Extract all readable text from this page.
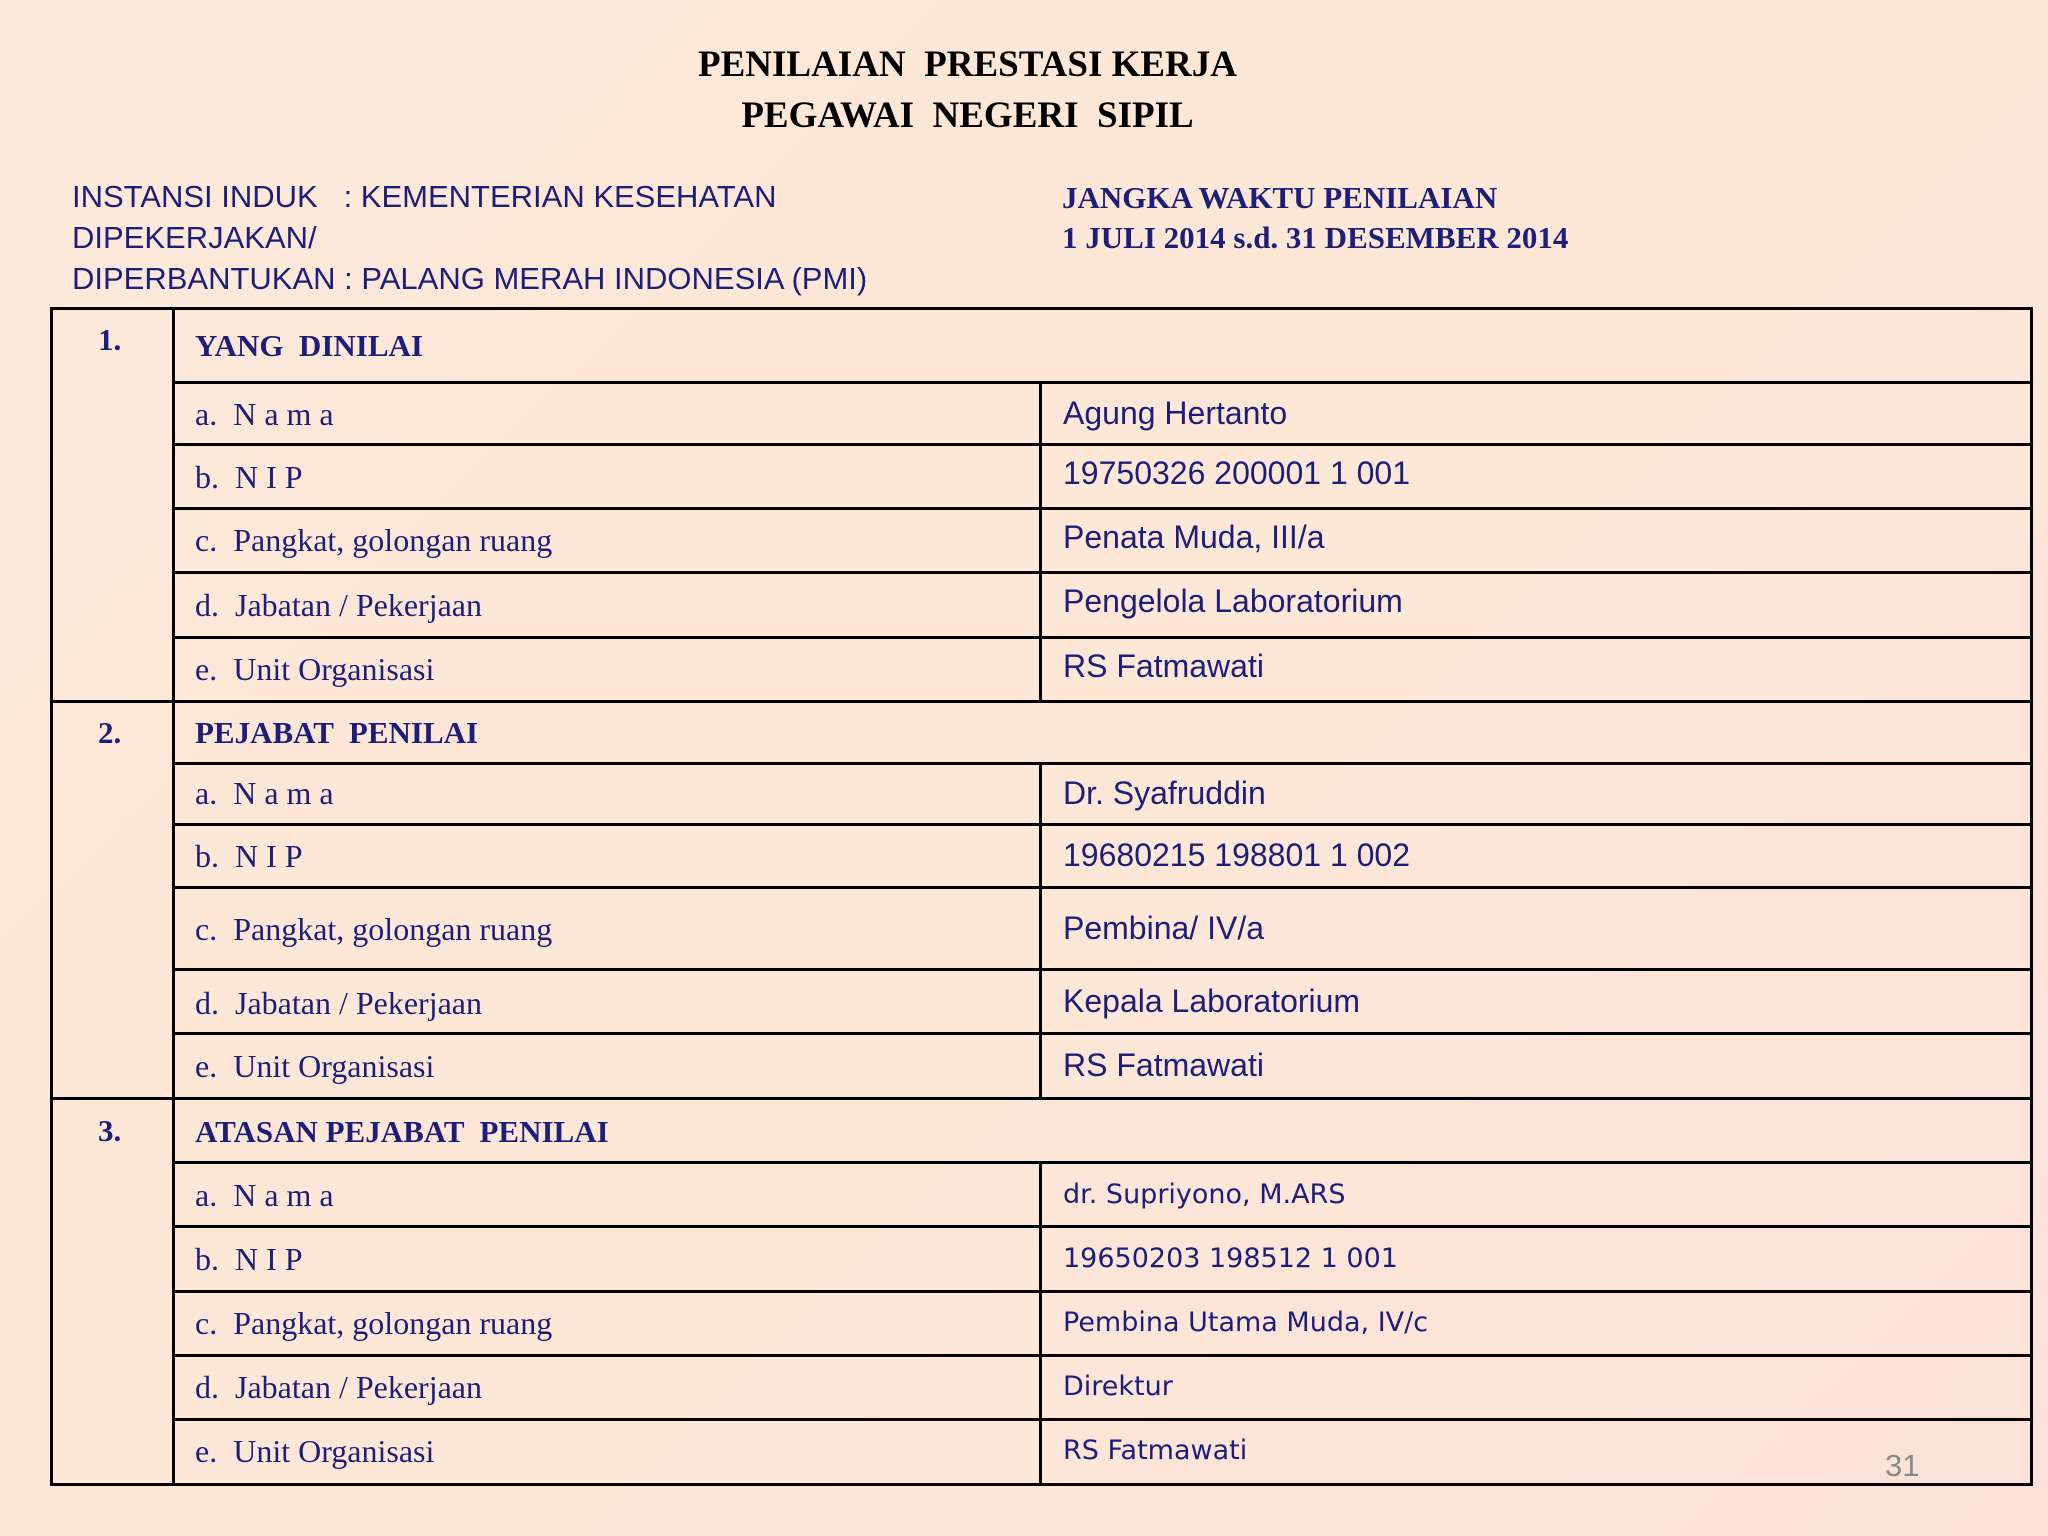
PENILAIAN  PRESTASI KERJA
PEGAWAI  NEGERI  SIPIL
INSTANSI INDUK   : KEMENTERIAN KESEHATAN
DIPEKERJAKAN/
DIPERBANTUKAN : PALANG MERAH INDONESIA (PMI)
JANGKA WAKTU PENILAIAN
1 JULI 2014 s.d. 31 DESEMBER 2014
1. YANG  DINILAI
a.  N a m a	Agung Hertanto
b.  N I P	19750326 200001 1 001
c.  Pangkat, golongan ruang	Penata Muda, III/a
d.  Jabatan / Pekerjaan	Pengelola Laboratorium
e.  Unit Organisasi	RS Fatmawati
2. PEJABAT  PENILAI
a.  N a m a	Dr. Syafruddin
b.  N I P	19680215 198801 1 002
c.  Pangkat, golongan ruang	Pembina/ IV/a
d.  Jabatan / Pekerjaan	Kepala Laboratorium
e.  Unit Organisasi	RS Fatmawati
3. ATASAN PEJABAT  PENILAI
a.  N a m a	dr. Supriyono, M.ARS
b.  N I P	19650203 198512 1 001
c.  Pangkat, golongan ruang	Pembina Utama Muda, IV/c
d.  Jabatan / Pekerjaan	Direktur
e.  Unit Organisasi	RS Fatmawati	31
